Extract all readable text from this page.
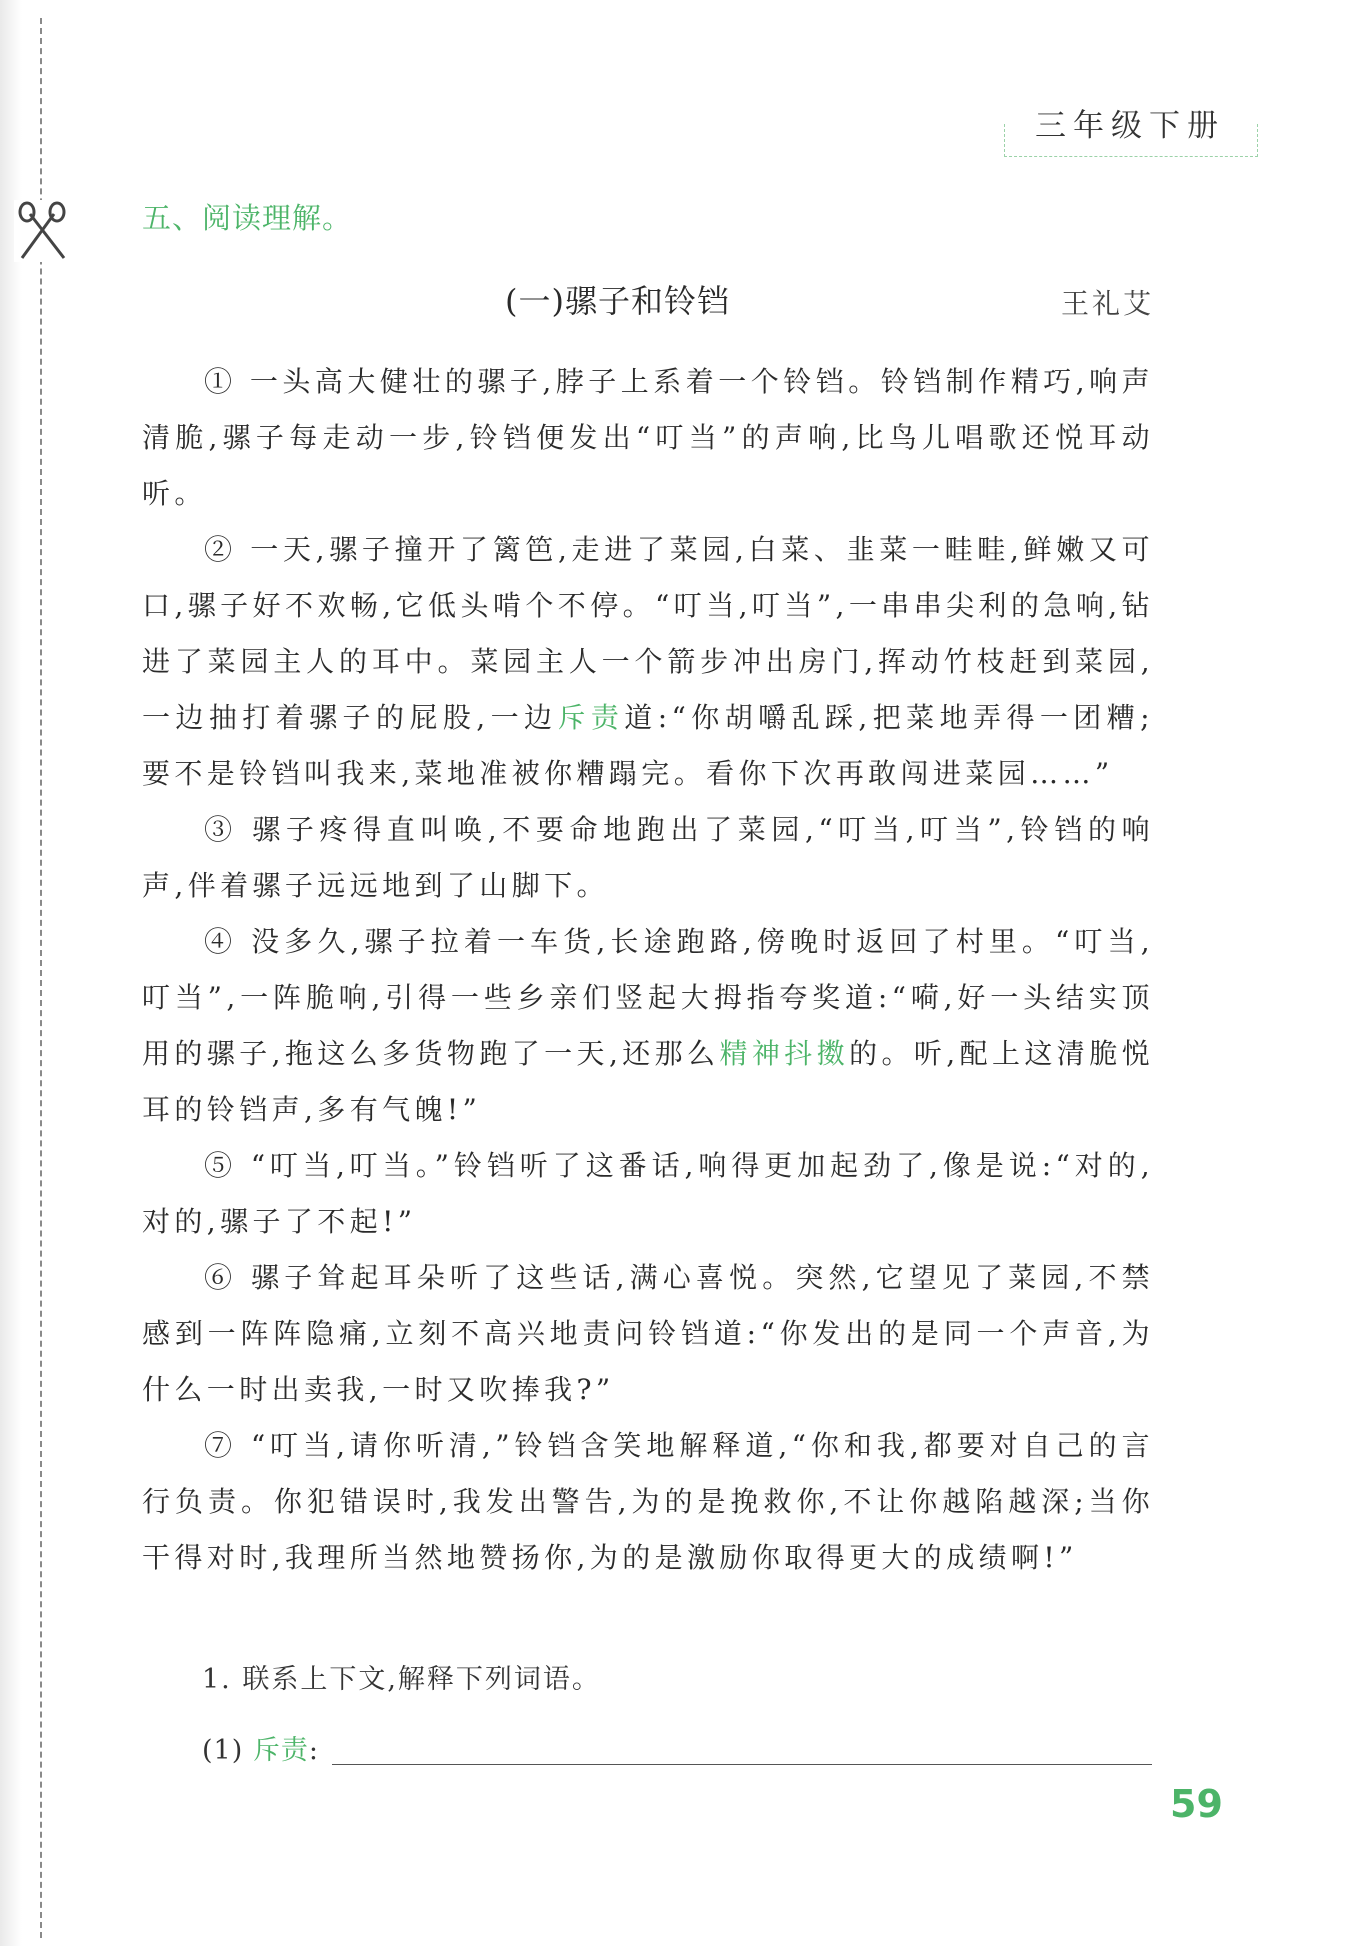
三年级下册
五、阅读理解。
(一)骡子和铃铛	王礼艾

① 一头高大健壮的骡子,脖子上系着一个铃铛。铃铛制作精巧,响声清脆,骡子每走动一步,铃铛便发出“叮当”的声响,比鸟儿唱歌还悦耳动听。

② 一天,骡子撞开了篱笆,走进了菜园,白菜、韭菜一畦畦,鲜嫩又可口,骡子好不欢畅,它低头啃个不停。“叮当,叮当”,一串串尖利的急响,钻进了菜园主人的耳中。菜园主人一个箭步冲出房门,挥动竹枝赶到菜园,一边抽打着骡子的屁股,一边斥责道:“你胡嚼乱踩,把菜地弄得一团糟;要不是铃铛叫我来,菜地准被你糟蹋完。看你下次再敢闯进菜园……”

③ 骡子疼得直叫唤,不要命地跑出了菜园,“叮当,叮当”,铃铛的响声,伴着骡子远远地到了山脚下。

④ 没多久,骡子拉着一车货,长途跑路,傍晚时返回了村里。“叮当,叮当”,一阵脆响,引得一些乡亲们竖起大拇指夸奖道:“嗬,好一头结实顶用的骡子,拖这么多货物跑了一天,还那么精神抖擞的。听,配上这清脆悦耳的铃铛声,多有气魄!”

⑤ “叮当,叮当。”铃铛听了这番话,响得更加起劲了,像是说:“对的,对的,骡子了不起!”

⑥ 骡子耸起耳朵听了这些话,满心喜悦。突然,它望见了菜园,不禁感到一阵阵隐痛,立刻不高兴地责问铃铛道:“你发出的是同一个声音,为什么一时出卖我,一时又吹捧我?”

⑦ “叮当,请你听清,”铃铛含笑地解释道,“你和我,都要对自己的言行负责。你犯错误时,我发出警告,为的是挽救你,不让你越陷越深;当你干得对时,我理所当然地赞扬你,为的是激励你取得更大的成绩啊!”

1. 联系上下文,解释下列词语。
(1) 斥责:
59
